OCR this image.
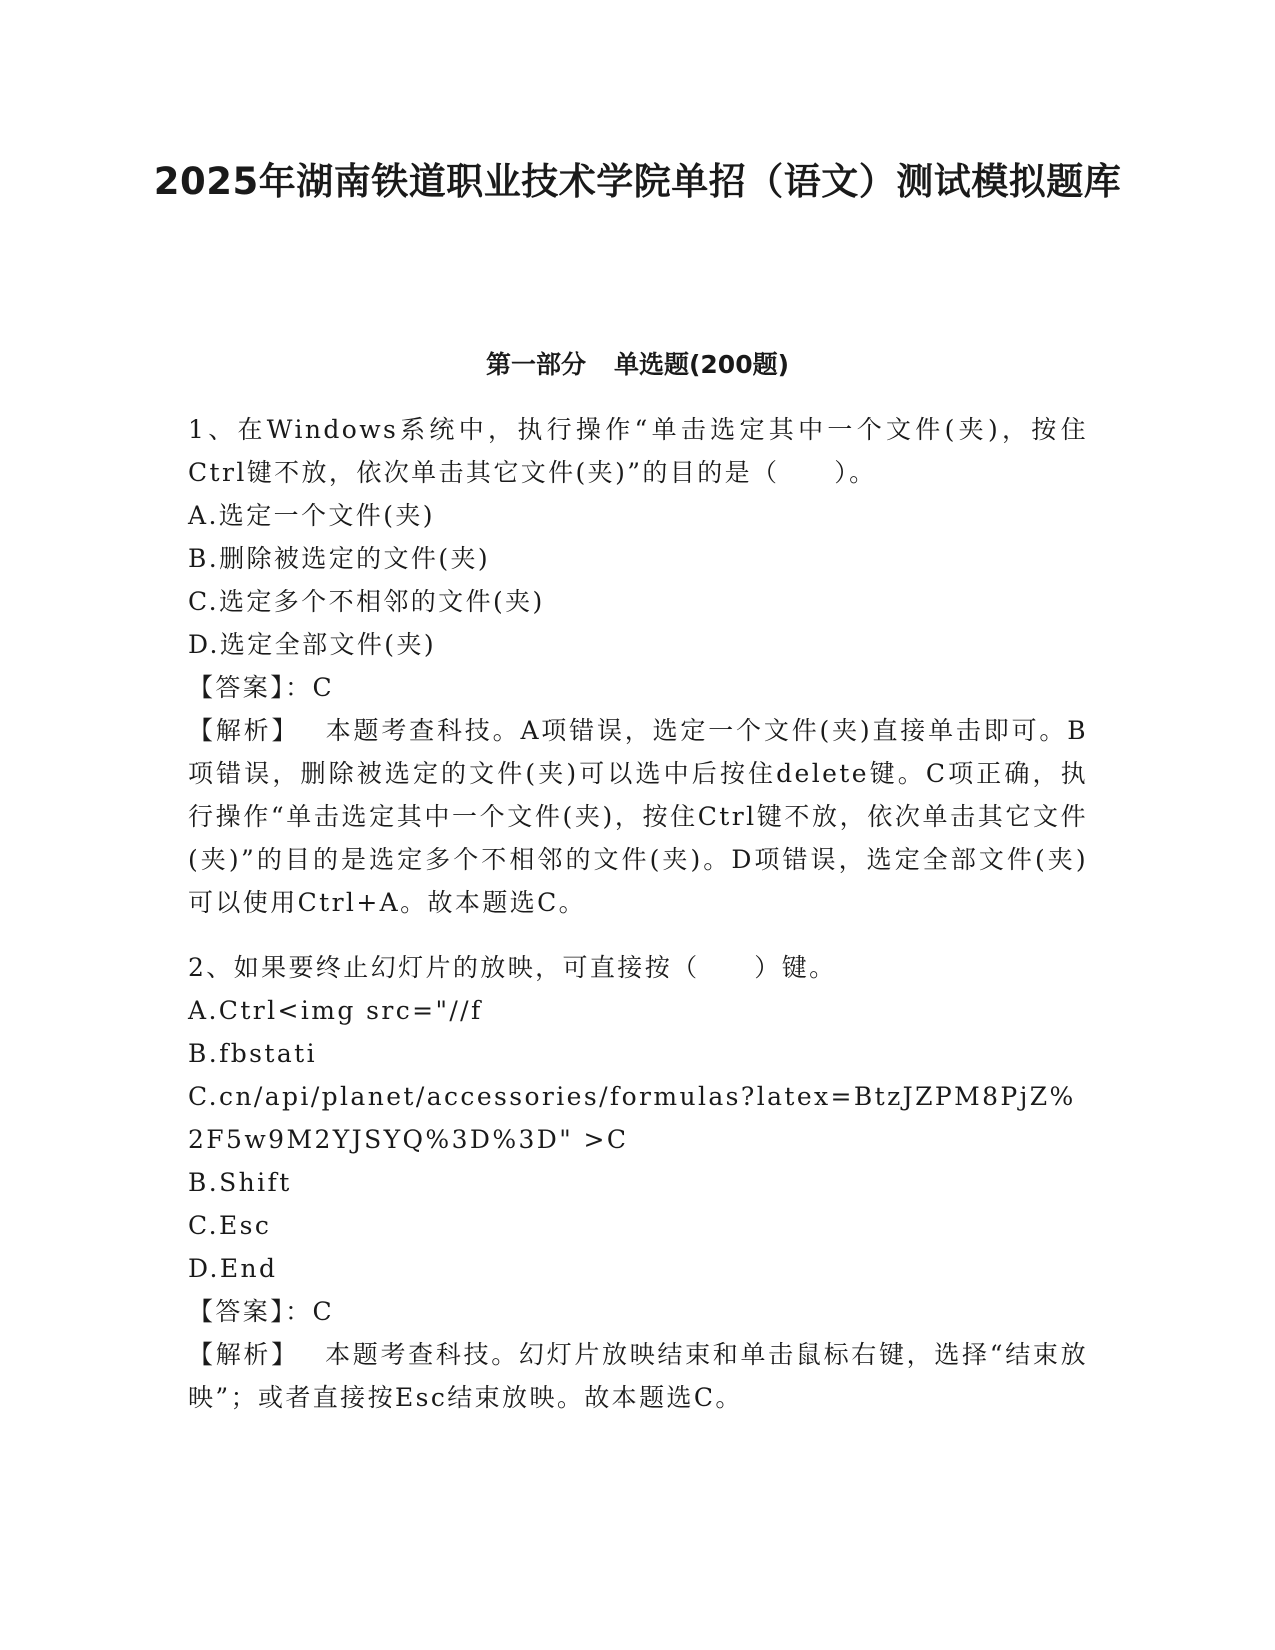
2025年湖南铁道职业技术学院单招（语文）测试模拟题库
第一部分 单选题(200题)
1、在Windows系统中，执行操作“单击选定其中一个文件(夹)，按住Ctrl键不放，依次单击其它文件(夹)”的目的是（　　）。
A.选定一个文件(夹)
B.删除被选定的文件(夹)
C.选定多个不相邻的文件(夹)
D.选定全部文件(夹)
【答案】：C
【解析】 本题考查科技。A项错误，选定一个文件(夹)直接单击即可。B项错误，删除被选定的文件(夹)可以选中后按住delete键。C项正确，执行操作“单击选定其中一个文件(夹)，按住Ctrl键不放，依次单击其它文件(夹)”的目的是选定多个不相邻的文件(夹)。D项错误，选定全部文件(夹)可以使用Ctrl+A。故本题选C。
2、如果要终止幻灯片的放映，可直接按（　　）键。
A.Ctrl<img src="//f
B.fbstati
C.cn/api/planet/accessories/formulas?latex=BtzJZPM8PjZ%2F5w9M2YJSYQ%3D%3D" >C
B.Shift
C.Esc
D.End
【答案】：C
【解析】 本题考查科技。幻灯片放映结束和单击鼠标右键，选择“结束放映”；或者直接按Esc结束放映。故本题选C。
